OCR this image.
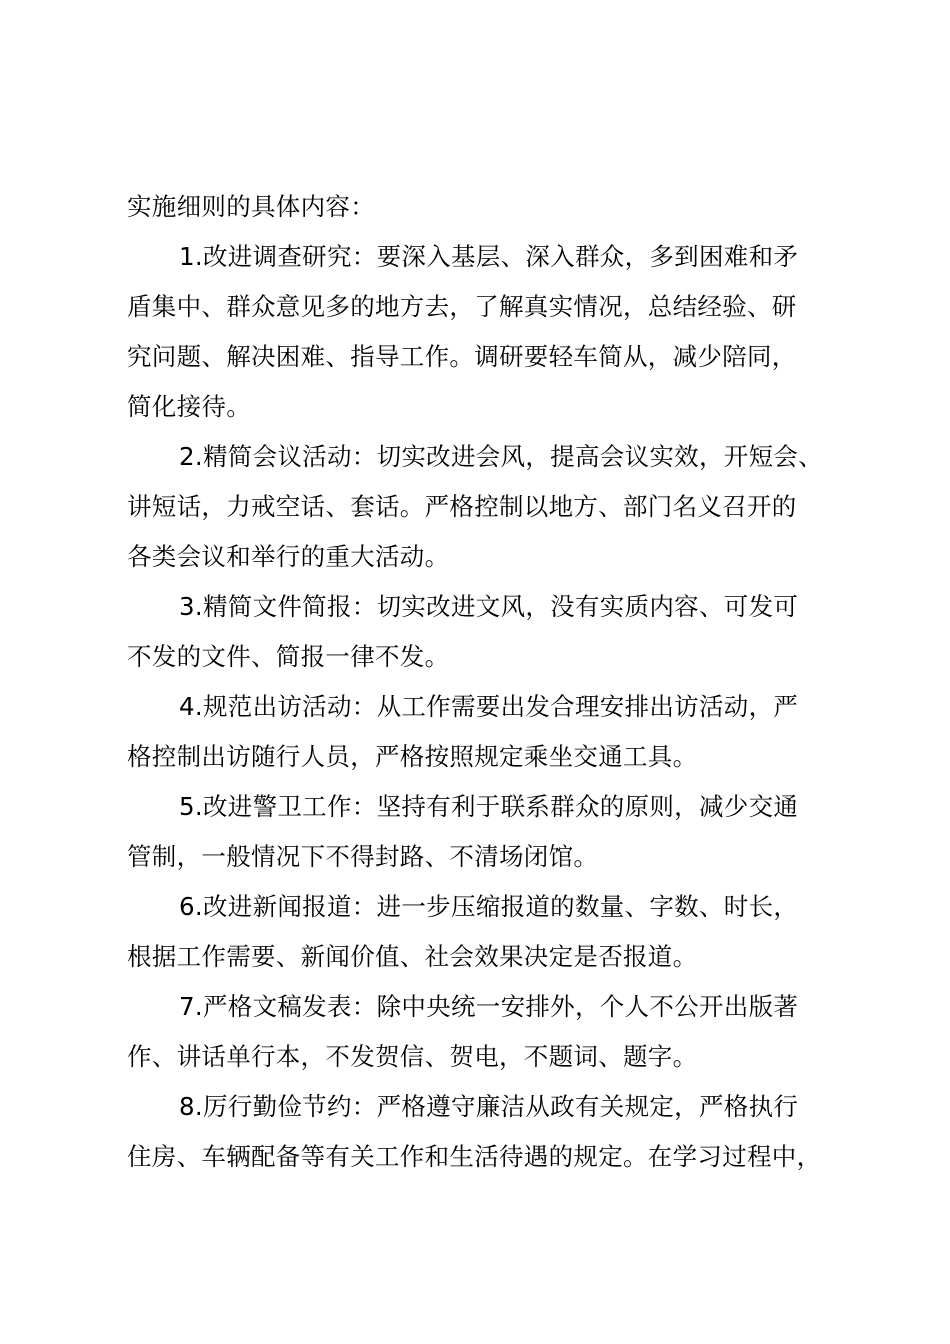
实施细则的具体内容：

1.改进调查研究：要深入基层、深入群众，多到困难和矛
盾集中、群众意见多的地方去，了解真实情况，总结经验、研
究问题、解决困难、指导工作。调研要轻车简从，减少陪同，
简化接待。

2.精简会议活动：切实改进会风，提高会议实效，开短会、
讲短话，力戒空话、套话。严格控制以地方、部门名义召开的
各类会议和举行的重大活动。

3.精简文件简报：切实改进文风，没有实质内容、可发可
不发的文件、简报一律不发。

4.规范出访活动：从工作需要出发合理安排出访活动，严
格控制出访随行人员，严格按照规定乘坐交通工具。

5.改进警卫工作：坚持有利于联系群众的原则，减少交通
管制，一般情况下不得封路、不清场闭馆。

6.改进新闻报道：进一步压缩报道的数量、字数、时长，
根据工作需要、新闻价值、社会效果决定是否报道。

7.严格文稿发表：除中央统一安排外，个人不公开出版著
作、讲话单行本，不发贺信、贺电，不题词、题字。

8.厉行勤俭节约：严格遵守廉洁从政有关规定，严格执行
住房、车辆配备等有关工作和生活待遇的规定。在学习过程中，
